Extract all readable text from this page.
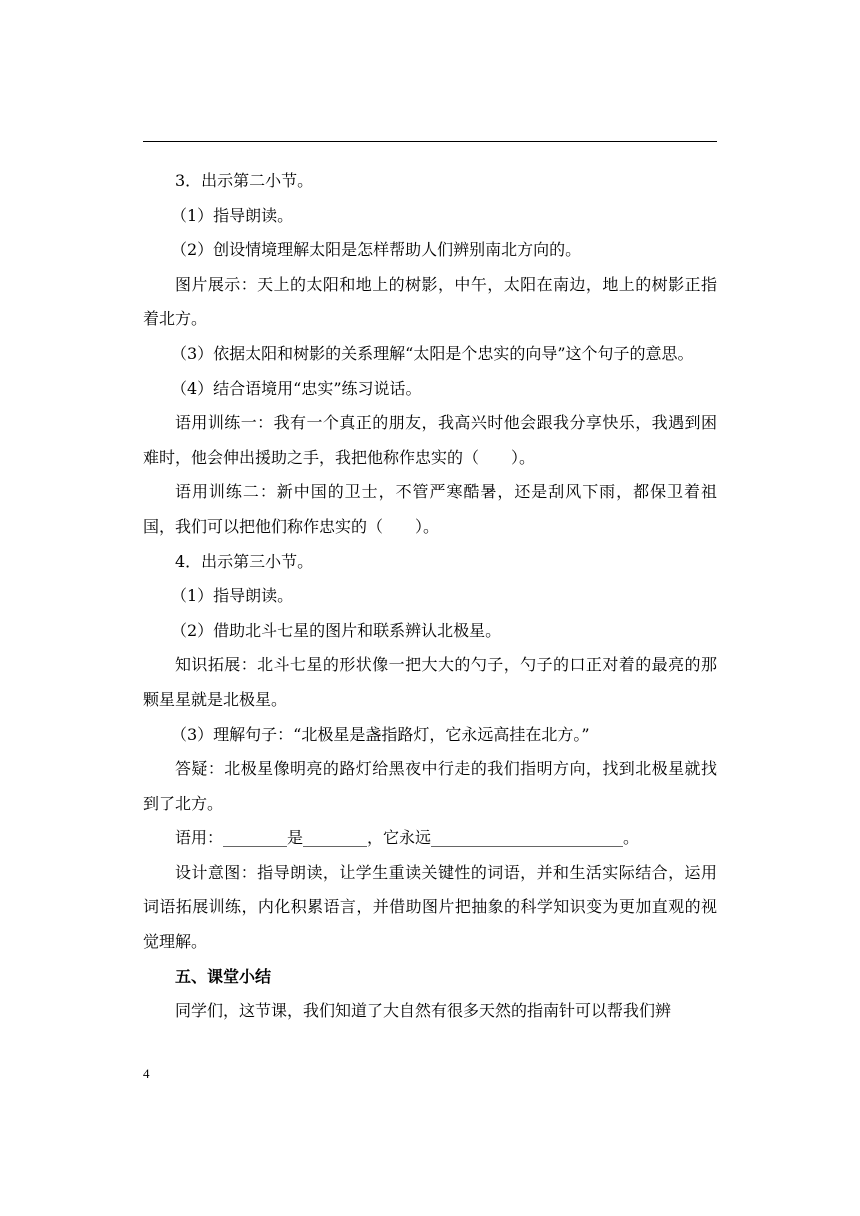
3．出示第二小节。

（1）指导朗读。

（2）创设情境理解太阳是怎样帮助人们辨别南北方向的。

图片展示：天上的太阳和地上的树影，中午，太阳在南边，地上的树影正指着北方。

（3）依据太阳和树影的关系理解“太阳是个忠实的向导”这个句子的意思。

（4）结合语境用“忠实”练习说话。

语用训练一：我有一个真正的朋友，我高兴时他会跟我分享快乐，我遇到困难时，他会伸出援助之手，我把他称作忠实的（　　）。

语用训练二：新中国的卫士，不管严寒酷暑，还是刮风下雨，都保卫着祖国，我们可以把他们称作忠实的（　　）。

4．出示第三小节。

（1）指导朗读。

（2）借助北斗七星的图片和联系辨认北极星。

知识拓展：北斗七星的形状像一把大大的勺子，勺子的口正对着的最亮的那颗星星就是北极星。

（3）理解句子：“北极星是盏指路灯，它永远高挂在北方。”

答疑：北极星像明亮的路灯给黑夜中行走的我们指明方向，找到北极星就找到了北方。

语用：________是________，它永远________________________。

设计意图：指导朗读，让学生重读关键性的词语，并和生活实际结合，运用词语拓展训练，内化积累语言，并借助图片把抽象的科学知识变为更加直观的视觉理解。

五、课堂小结

同学们，这节课，我们知道了大自然有很多天然的指南针可以帮我们辨

4
